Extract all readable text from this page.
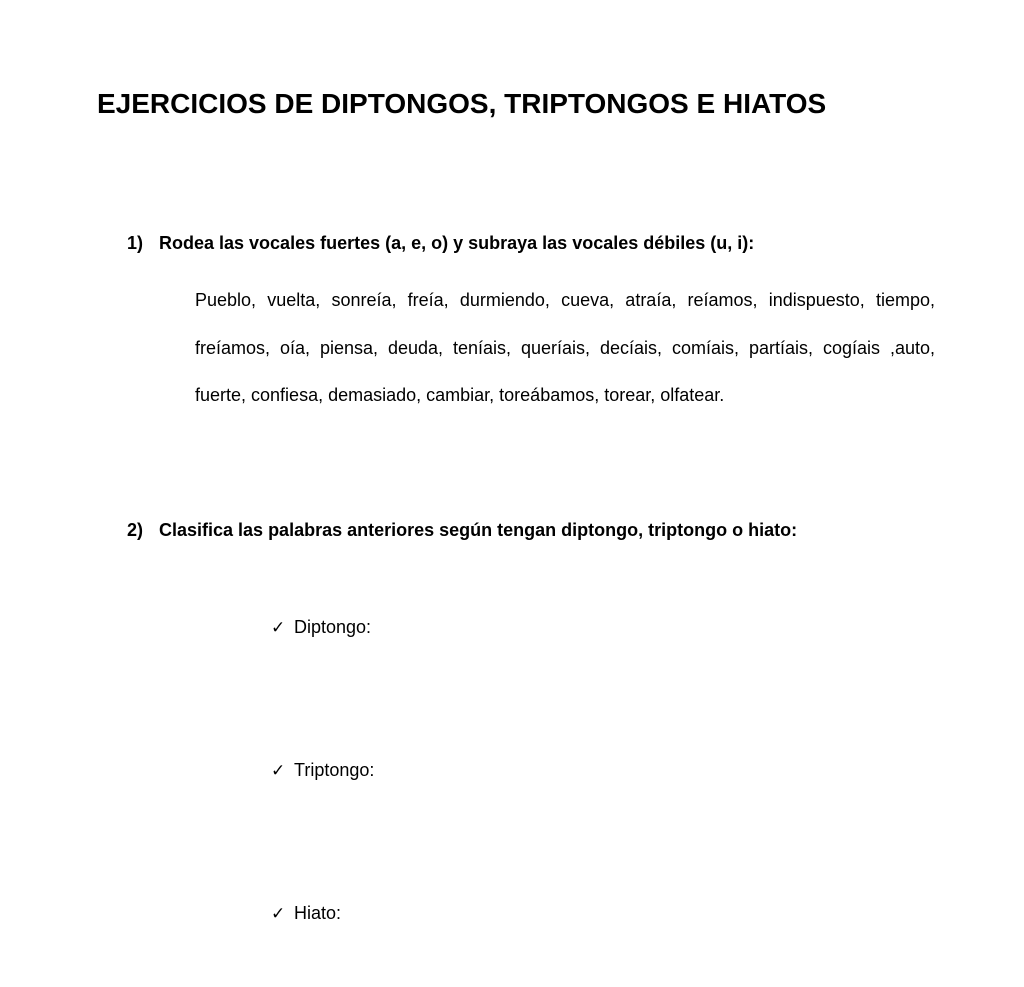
EJERCICIOS DE DIPTONGOS, TRIPTONGOS E HIATOS
1) Rodea las vocales fuertes (a, e, o) y subraya las vocales débiles (u, i):

Pueblo, vuelta, sonreía, freía, durmiendo, cueva, atraía, reíamos, indispuesto, tiempo, freíamos, oía, piensa, deuda, teníais, queríais, decíais, comíais, partíais, cogíais ,auto, fuerte, confiesa, demasiado, cambiar, toreábamos, torear, olfatear.

2) Clasifica las palabras anteriores según tengan diptongo, triptongo o hiato:
✓ Diptongo:
✓ Triptongo:
✓ Hiato:
